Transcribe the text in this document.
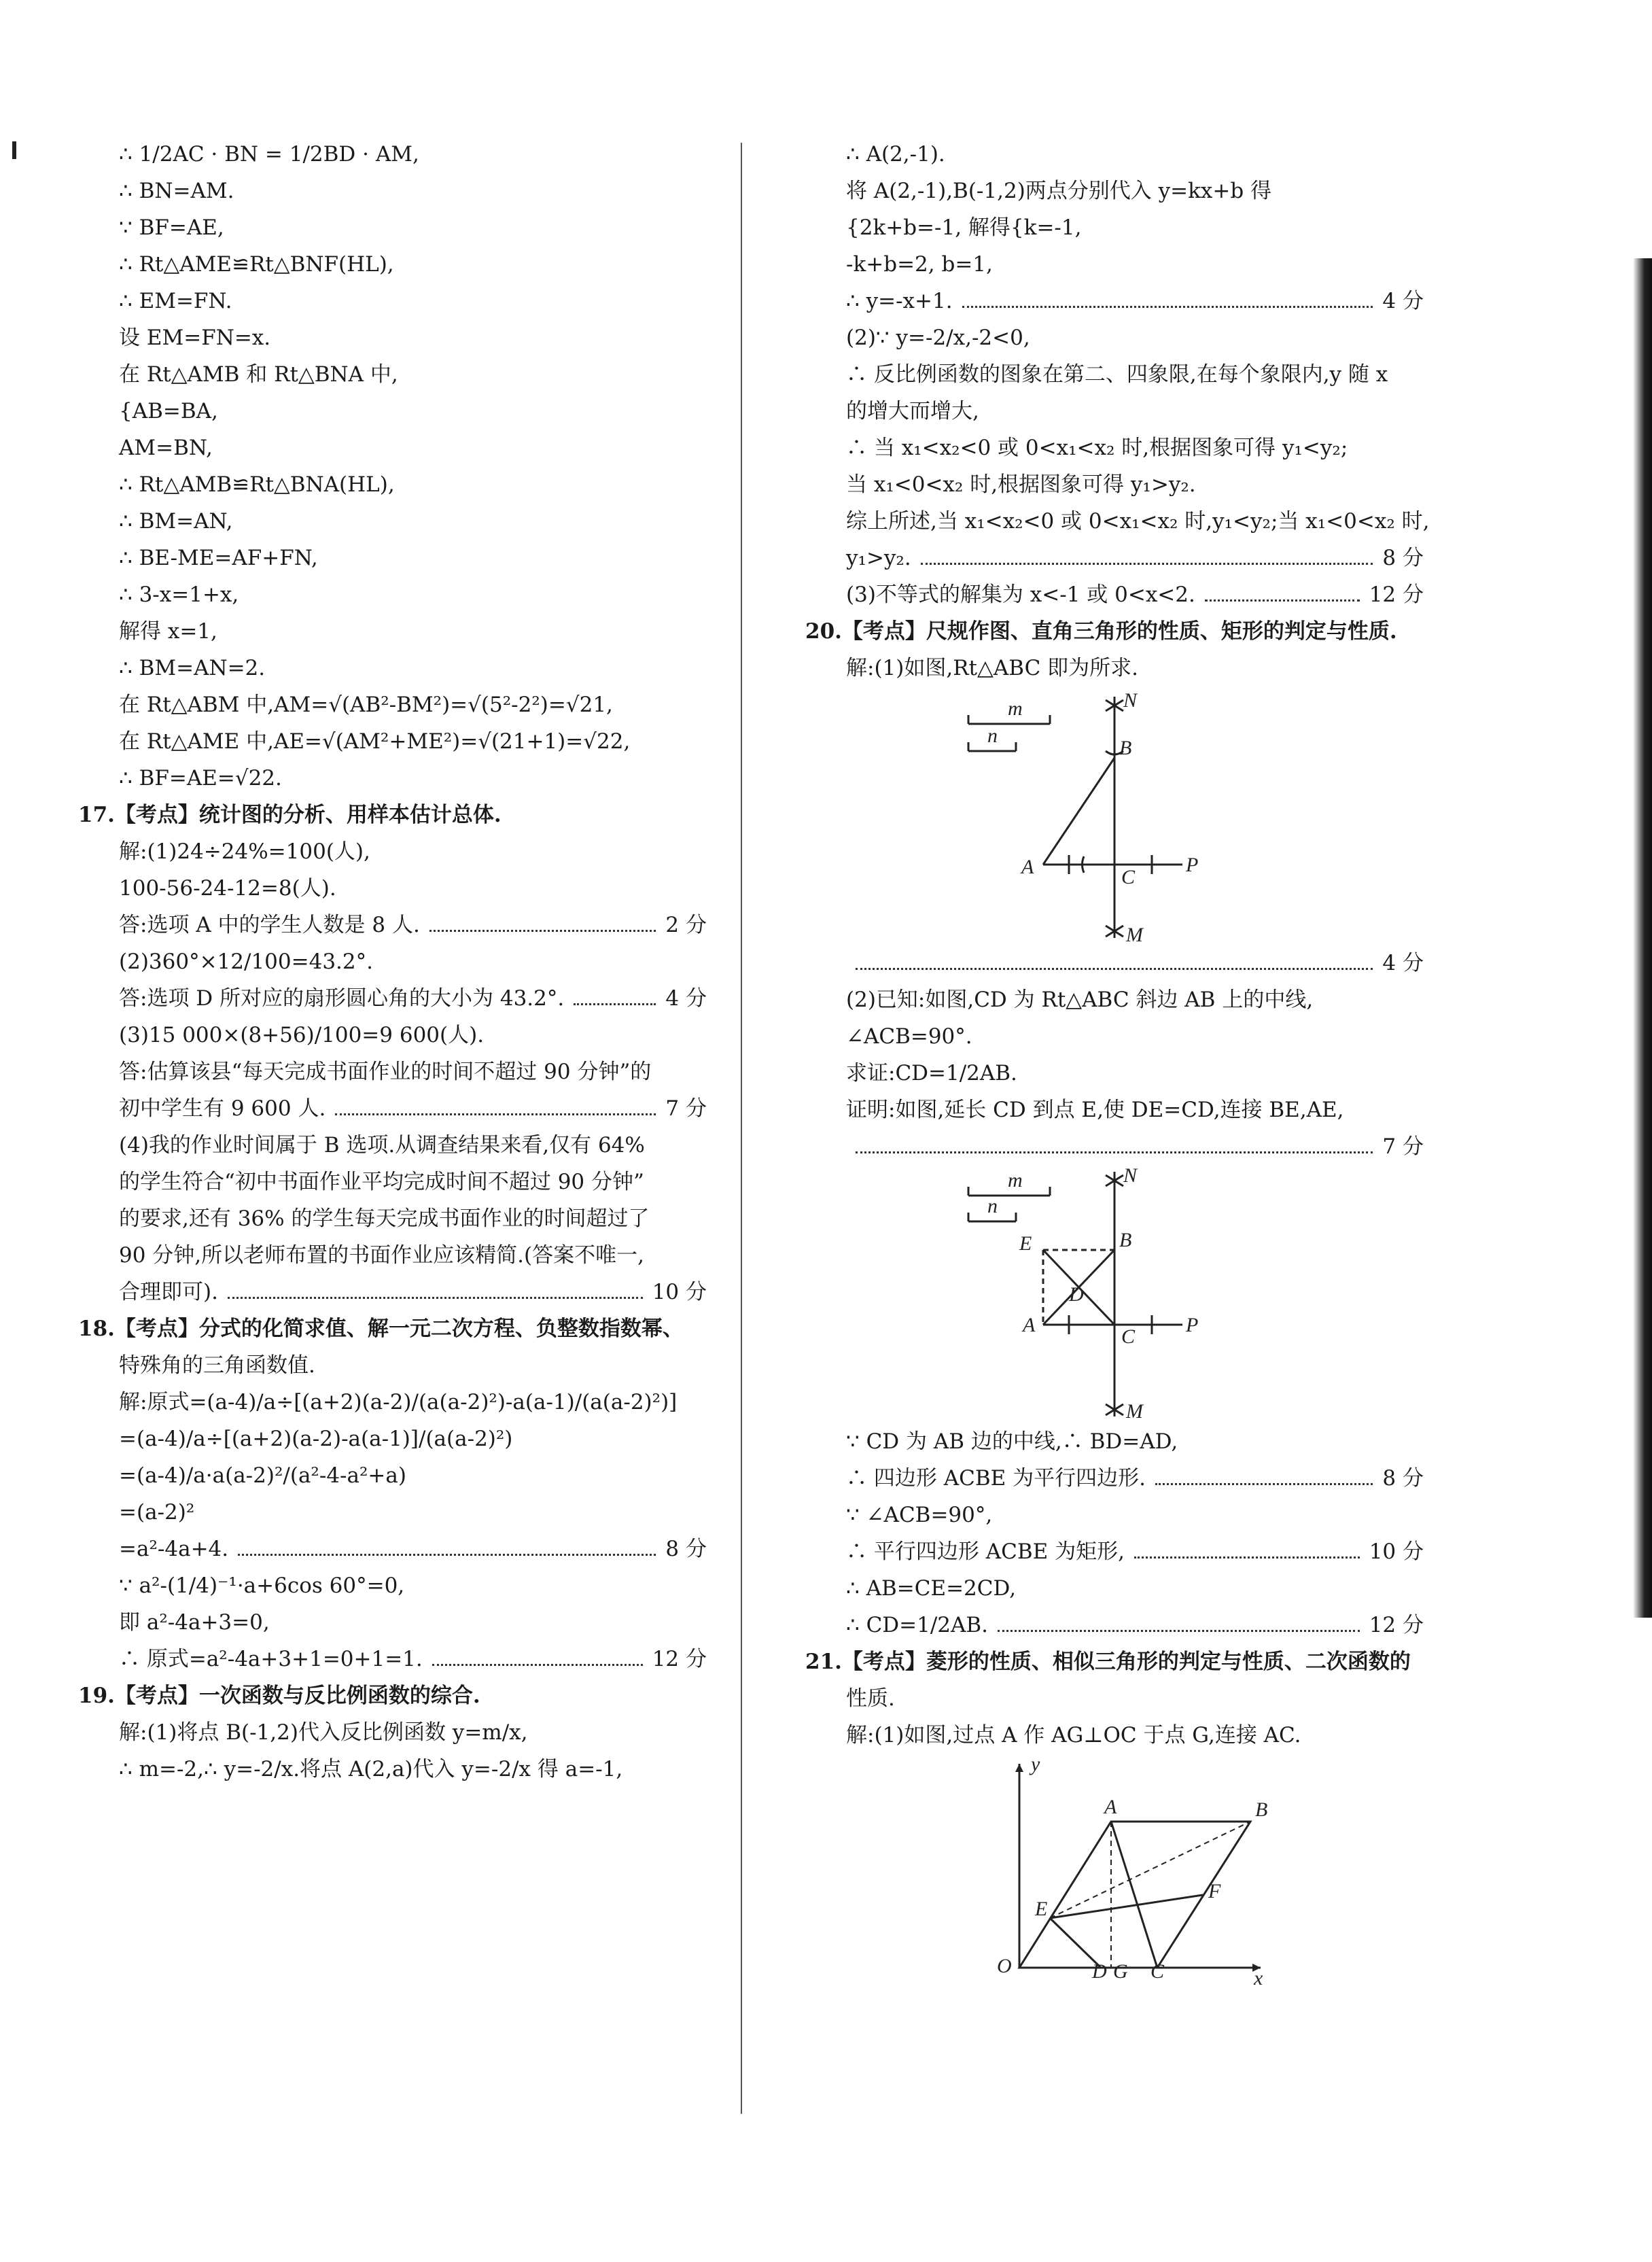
∴ 1/2AC · BN = 1/2BD · AM,
∴ BN=AM.
∵ BF=AE,
∴ Rt△AME≌Rt△BNF(HL),
∴ EM=FN.
设 EM=FN=x.
在 Rt△AMB 和 Rt△BNA 中,
{AB=BA,
AM=BN,
∴ Rt△AMB≌Rt△BNA(HL),
∴ BM=AN,
∴ BE-ME=AF+FN,
∴ 3-x=1+x,
解得 x=1,
∴ BM=AN=2.
在 Rt△ABM 中,AM=√(AB²-BM²)=√(5²-2²)=√21,
在 Rt△AME 中,AE=√(AM²+ME²)=√(21+1)=√22,
∴ BF=AE=√22.
17.【考点】统计图的分析、用样本估计总体.
解:(1)24÷24%=100(人),
100-56-24-12=8(人).
答:选项 A 中的学生人数是 8 人.	2 分
(2)360°×12/100=43.2°.
答:选项 D 所对应的扇形圆心角的大小为 43.2°.	4 分
(3)15 000×(8+56)/100=9 600(人).
答:估算该县“每天完成书面作业的时间不超过 90 分钟”的
初中学生有 9 600 人.	7 分
(4)我的作业时间属于 B 选项.从调查结果来看,仅有 64%
的学生符合“初中书面作业平均完成时间不超过 90 分钟”
的要求,还有 36% 的学生每天完成书面作业的时间超过了
90 分钟,所以老师布置的书面作业应该精简.(答案不唯一,
合理即可).	10 分
18.【考点】分式的化简求值、解一元二次方程、负整数指数幂、
特殊角的三角函数值.
解:原式=(a-4)/a÷[(a+2)(a-2)/(a(a-2)²)-a(a-1)/(a(a-2)²)]
=(a-4)/a÷[(a+2)(a-2)-a(a-1)]/(a(a-2)²)
=(a-4)/a·a(a-2)²/(a²-4-a²+a)
=(a-2)²
=a²-4a+4.	8 分
∵ a²-(1/4)⁻¹·a+6cos 60°=0,
即 a²-4a+3=0,
∴ 原式=a²-4a+3+1=0+1=1.	12 分
19.【考点】一次函数与反比例函数的综合.
解:(1)将点 B(-1,2)代入反比例函数 y=m/x,
∴ m=-2,∴ y=-2/x.将点 A(2,a)代入 y=-2/x 得 a=-1,
∴ A(2,-1).
将 A(2,-1),B(-1,2)两点分别代入 y=kx+b 得
{2k+b=-1, 解得{k=-1,
-k+b=2, b=1,
∴ y=-x+1.	4 分
(2)∵ y=-2/x,-2<0,
∴ 反比例函数的图象在第二、四象限,在每个象限内,y 随 x
的增大而增大,
∴ 当 x₁<x₂<0 或 0<x₁<x₂ 时,根据图象可得 y₁<y₂;
当 x₁<0<x₂ 时,根据图象可得 y₁>y₂.
综上所述,当 x₁<x₂<0 或 0<x₁<x₂ 时,y₁<y₂;当 x₁<0<x₂ 时,
y₁>y₂.	8 分
(3)不等式的解集为 x<-1 或 0<x<2.	12 分
20.【考点】尺规作图、直角三角形的性质、矩形的判定与性质.
解:(1)如图,Rt△ABC 即为所求.
m
n
N
B
A	C
P
M
4 分
(2)已知:如图,CD 为 Rt△ABC 斜边 AB 上的中线,
∠ACB=90°.
求证:CD=1/2AB.
证明:如图,延长 CD 到点 E,使 DE=CD,连接 BE,AE,
7 分
m
n
N
E	B
D
A
C
P
M
∵ CD 为 AB 边的中线,∴ BD=AD,
∴ 四边形 ACBE 为平行四边形.	8 分
∵ ∠ACB=90°,
∴ 平行四边形 ACBE 为矩形,	10 分
∴ AB=CE=2CD,
∴ CD=1/2AB.	12 分
21.【考点】菱形的性质、相似三角形的判定与性质、二次函数的
性质.
解:(1)如图,过点 A 作 AG⊥OC 于点 G,连接 AC.
y
A	B
E
F
O	D G C	x
